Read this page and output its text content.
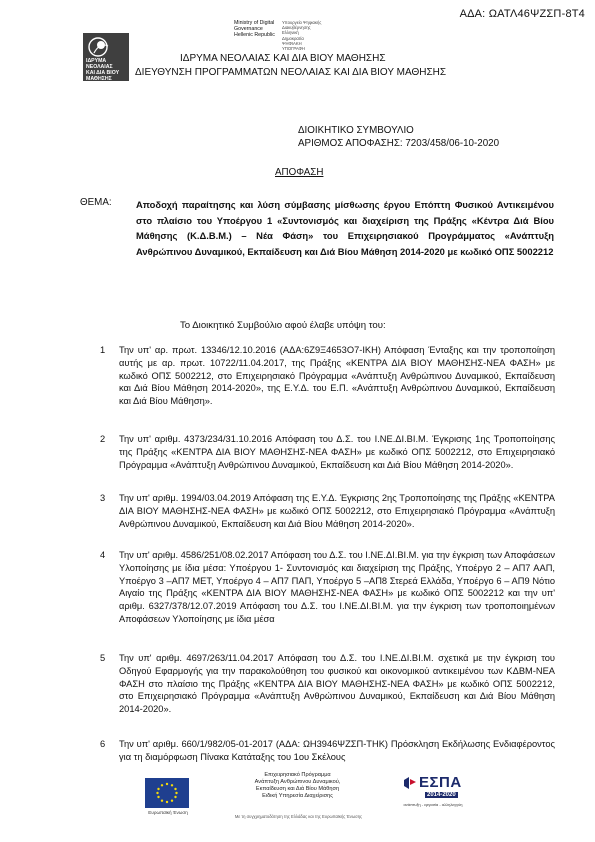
ΑΔΑ: ΩΑΤΛ46ΨΖΣΠ-8Τ4
ΙΔΡΥΜΑ
ΝΕΟΛΑΙΑΣ
ΚΑΙ ΔΙΑ ΒΙΟΥ
ΜΑΘΗΣΗΣ
Ministry of Digital
Governance
Hellenic Republic
Υπουργείο Ψηφιακής
Διακυβέρνησης
Ελληνική
Δημοκρατία
ΨΗΦΙΑΚΗ
ΥΠΟΓΡΑΦΗ
ΙΔΡΥΜΑ ΝΕΟΛΑΙΑΣ ΚΑΙ ΔΙΑ ΒΙΟΥ ΜΑΘΗΣΗΣ
ΔΙΕΥΘΥΝΣΗ ΠΡΟΓΡΑΜΜΑΤΩΝ ΝΕΟΛΑΙΑΣ ΚΑΙ ΔΙΑ ΒΙΟΥ ΜΑΘΗΣΗΣ
ΔΙΟΙΚΗΤΙΚΟ ΣΥΜΒΟΥΛΙΟ
ΑΡΙΘΜΟΣ ΑΠΟΦΑΣΗΣ: 7203/458/06-10-2020
ΑΠΟΦΑΣΗ
ΘΕΜΑ:	Αποδοχή παραίτησης και λύση σύμβασης μίσθωσης έργου Επόπτη Φυσικού Αντικειμένου στο πλαίσιο του Υποέργου 1 «Συντονισμός και διαχείριση της Πράξης «Κέντρα Διά Βίου Μάθησης (Κ.Δ.Β.Μ.) – Νέα Φάση» του Επιχειρησιακού Προγράμματος «Ανάπτυξη Ανθρώπινου Δυναμικού, Εκπαίδευση και Διά Βίου Μάθηση 2014-2020 με κωδικό ΟΠΣ 5002212
Το Διοικητικό Συμβούλιο αφού έλαβε υπόψη του:
1	Την υπ' αρ. πρωτ. 13346/12.10.2016 (ΑΔΑ:6Ζ9Ξ4653Ο7-ΙΚΗ) Απόφαση Ένταξης και την τροποποίηση αυτής με αρ. πρωτ. 10722/11.04.2017, της Πράξης «ΚΕΝΤΡΑ ΔΙΑ ΒΙΟΥ ΜΑΘΗΣΗΣ-ΝΕΑ ΦΑΣΗ» με κωδικό ΟΠΣ 5002212, στο Επιχειρησιακό Πρόγραμμα «Ανάπτυξη Ανθρώπινου Δυναμικού, Εκπαίδευση και Διά Βίου Μάθηση 2014-2020», της Ε.Υ.Δ. του Ε.Π. «Ανάπτυξη Ανθρώπινου Δυναμικού, Εκπαίδευση και Διά Βίου Μάθηση».
2	Την υπ' αριθμ. 4373/234/31.10.2016 Απόφαση του Δ.Σ. του Ι.ΝΕ.ΔΙ.ΒΙ.Μ. Έγκρισης 1ης Τροποποίησης της Πράξης «ΚΕΝΤΡΑ ΔΙΑ ΒΙΟΥ ΜΑΘΗΣΗΣ-ΝΕΑ ΦΑΣΗ» με κωδικό ΟΠΣ 5002212, στο Επιχειρησιακό Πρόγραμμα «Ανάπτυξη Ανθρώπινου Δυναμικού, Εκπαίδευση και Διά Βίου Μάθηση 2014-2020».
3	Την υπ' αριθμ. 1994/03.04.2019 Απόφαση της Ε.Υ.Δ. Έγκρισης 2ης Τροποποίησης της Πράξης «ΚΕΝΤΡΑ ΔΙΑ ΒΙΟΥ ΜΑΘΗΣΗΣ-ΝΕΑ ΦΑΣΗ» με κωδικό ΟΠΣ 5002212, στο Επιχειρησιακό Πρόγραμμα «Ανάπτυξη Ανθρώπινου Δυναμικού, Εκπαίδευση και Διά Βίου Μάθηση 2014-2020».
4	Την υπ' αριθμ. 4586/251/08.02.2017 Απόφαση του Δ.Σ. του Ι.ΝΕ.ΔΙ.ΒΙ.Μ. για την έγκριση των Αποφάσεων Υλοποίησης με ίδια μέσα: Υποέργου 1- Συντονισμός και διαχείριση της Πράξης, Υποέργο 2 – ΑΠ7 ΑΑΠ, Υποέργο 3 –ΑΠ7 ΜΕΤ, Υποέργο 4 – ΑΠ7 ΠΑΠ, Υποέργο 5 –ΑΠ8 Στερεά Ελλάδα, Υποέργο 6 – ΑΠ9 Νότιο Αιγαίο της Πράξης «ΚΕΝΤΡΑ ΔΙΑ ΒΙΟΥ ΜΑΘΗΣΗΣ-ΝΕΑ ΦΑΣΗ» με κωδικό ΟΠΣ 5002212 και την υπ' αριθμ. 6327/378/12.07.2019 Απόφαση του Δ.Σ. του Ι.ΝΕ.ΔΙ.ΒΙ.Μ. για την έγκριση των τροποποιημένων Αποφάσεων Υλοποίησης με ίδια μέσα
5	Την υπ' αριθμ. 4697/263/11.04.2017 Απόφαση του Δ.Σ. του Ι.ΝΕ.ΔΙ.ΒΙ.Μ. σχετικά με την έγκριση του Οδηγού Εφαρμογής για την παρακολούθηση του φυσικού και οικονομικού αντικειμένου των ΚΔΒΜ-ΝΕΑ ΦΑΣΗ στο πλαίσιο της Πράξης «ΚΕΝΤΡΑ ΔΙΑ ΒΙΟΥ ΜΑΘΗΣΗΣ-ΝΕΑ ΦΑΣΗ» με κωδικό ΟΠΣ 5002212, στο Επιχειρησιακό Πρόγραμμα «Ανάπτυξη Ανθρώπινου Δυναμικού, Εκπαίδευση και Διά Βίου Μάθηση 2014-2020».
6	Την υπ' αριθμ. 660/1/982/05-01-2017 (ΑΔΑ: ΩΗ3946ΨΖΣΠ-ΤΗΚ) Πρόσκληση Εκδήλωσης Ενδιαφέροντος για τη διαμόρφωση Πίνακα Κατάταξης του 1ου Σκέλους
Ευρωπαϊκή Ένωση
Επιχειρησιακό Πρόγραμμα
Ανάπτυξη Ανθρώπινου Δυναμικού,
Εκπαίδευση και Διά Βίου Μάθηση
Ειδική Υπηρεσία Διαχείρισης
Με τη συγχρηματοδότηση της Ελλάδας και της Ευρωπαϊκής Ένωσης
ΕΣΠΑ
2014-2020
ανάπτυξη - εργασία - αλληλεγγύη
